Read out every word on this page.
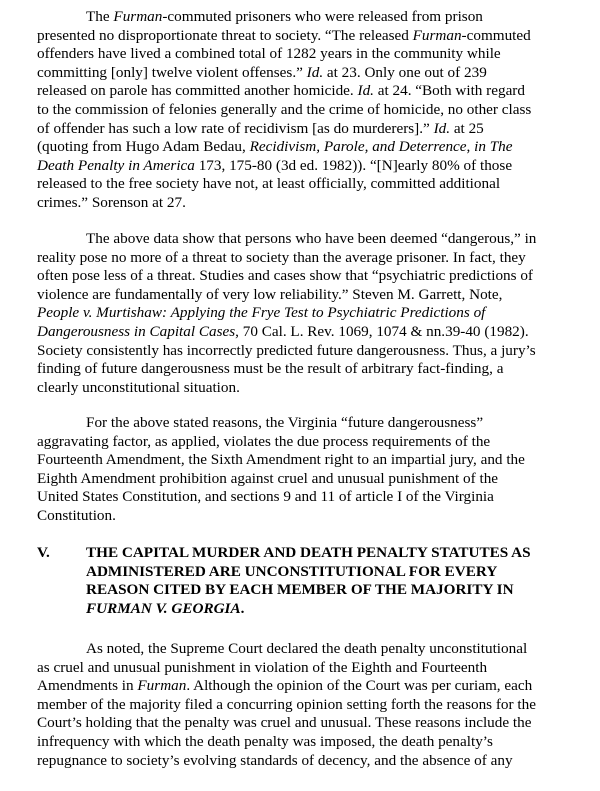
The Furman-commuted prisoners who were released from prison
presented no disproportionate threat to society. “The released Furman-commuted
offenders have lived a combined total of 1282 years in the community while
committing [only] twelve violent offenses.” Id. at 23. Only one out of 239
released on parole has committed another homicide. Id. at 24. “Both with regard
to the commission of felonies generally and the crime of homicide, no other class
of offender has such a low rate of recidivism [as do murderers].” Id. at 25
(quoting from Hugo Adam Bedau, Recidivism, Parole, and Deterrence, in The
Death Penalty in America 173, 175-80 (3d ed. 1982)). “[N]early 80% of those
released to the free society have not, at least officially, committed additional
crimes.” Sorenson at 27.
The above data show that persons who have been deemed “dangerous,” in
reality pose no more of a threat to society than the average prisoner. In fact, they
often pose less of a threat. Studies and cases show that “psychiatric predictions of
violence are fundamentally of very low reliability.” Steven M. Garrett, Note,
People v. Murtishaw: Applying the Frye Test to Psychiatric Predictions of
Dangerousness in Capital Cases, 70 Cal. L. Rev. 1069, 1074 & nn.39-40 (1982).
Society consistently has incorrectly predicted future dangerousness. Thus, a jury’s
finding of future dangerousness must be the result of arbitrary fact-finding, a
clearly unconstitutional situation.
For the above stated reasons, the Virginia “future dangerousness”
aggravating factor, as applied, violates the due process requirements of the
Fourteenth Amendment, the Sixth Amendment right to an impartial jury, and the
Eighth Amendment prohibition against cruel and unusual punishment of the
United States Constitution, and sections 9 and 11 of article I of the Virginia
Constitution.
V. THE CAPITAL MURDER AND DEATH PENALTY STATUTES AS
ADMINISTERED ARE UNCONSTITUTIONAL FOR EVERY
REASON CITED BY EACH MEMBER OF THE MAJORITY IN
FURMAN V. GEORGIA.
As noted, the Supreme Court declared the death penalty unconstitutional
as cruel and unusual punishment in violation of the Eighth and Fourteenth
Amendments in Furman. Although the opinion of the Court was per curiam, each
member of the majority filed a concurring opinion setting forth the reasons for the
Court’s holding that the penalty was cruel and unusual. These reasons include the
infrequency with which the death penalty was imposed, the death penalty’s
repugnance to society’s evolving standards of decency, and the absence of any
